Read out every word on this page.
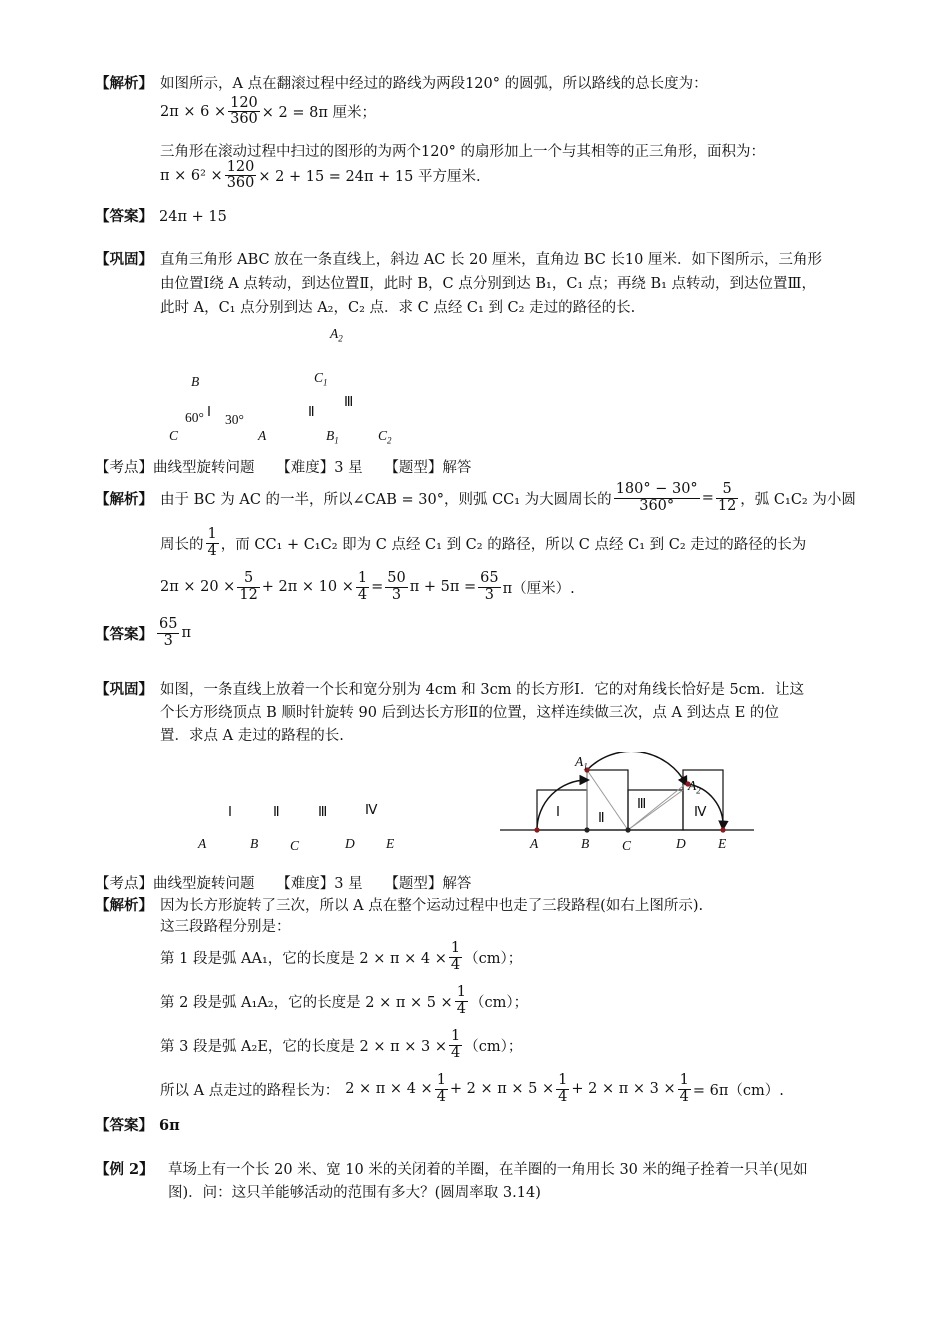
【解析】 如图所示，A 点在翻滚过程中经过的路线为两段120° 的圆弧，所以路线的总长度为：
$2\pi \times 6 \times \frac{120}{360} \times 2 = 8\pi$ 厘米；
三角形在滚动过程中扫过的图形的为两个120° 的扇形加上一个与其相等的正三角形，面积为：
$\pi \times 6^2 \times \frac{120}{360} \times 2 + 15 = 24\pi + 15$ 平方厘米.
【答案】 24π + 15
【巩固】 直角三角形 ABC 放在一条直线上，斜边 AC 长 20 厘米，直角边 BC 长10 厘米．如下图所示，三角形
由位置Ⅰ绕 A 点转动，到达位置Ⅱ，此时 B，C 点分别到达 B₁，C₁ 点；再绕 B₁ 点转动，到达位置Ⅲ，
此时 A，C₁ 点分别到达 A₂，C₂ 点．求 C 点经 C₁ 到 C₂ 走过的路径的长.
$A_2$
B	$C_1$
Ⅲ
Ⅱ
60° Ⅰ
30°
C	A	$B_1$	$C_2$
【考点】曲线型旋转问题　　【难度】3 星　　【题型】解答
【解析】 由于 BC 为 AC 的一半，所以∠CAB = 30°，则弧 CC₁ 为大圆周长的 $\frac{180^\circ - 30^\circ}{360^\circ} = \frac{5}{12}$ ，弧 C₁C₂ 为小圆
周长的 $\frac{1}{4}$ ，而 CC₁ + C₁C₂ 即为 C 点经 C₁ 到 C₂ 的路径，所以 C 点经 C₁ 到 C₂ 走过的路径的长为
$2\pi \times 20 \times \frac{5}{12} + 2\pi \times 10 \times \frac{1}{4} = \frac{50}{3}$ $\pi + 5\pi = \frac{65}{3} \pi$（厘米）.
【答案】 $\frac{65}{3}$ π
【巩固】 如图，一条直线上放着一个长和宽分别为 4cm 和 3cm 的长方形Ⅰ．它的对角线长恰好是 5cm．让这
个长方形绕顶点 B 顺时针旋转 90 后到达长方形Ⅱ的位置，这样连续做三次，点 A 到达点 E 的位
置．求点 A 走过的路程的长.
Ⅰ	Ⅱ	Ⅲ	Ⅳ
A	B C	D E
$A_1$
$A_2$
Ⅰ	Ⅱ
Ⅲ
Ⅳ
A	B C	D E
【考点】曲线型旋转问题　　【难度】3 星　　【题型】解答
【解析】 因为长方形旋转了三次，所以 A 点在整个运动过程中也走了三段路程(如右上图所示).
这三段路程分别是：
第 1 段是弧 AA₁，它的长度是 $2 \times \pi \times 4 \times \frac{1}{4} (cm)$；
第 2 段是弧 A₁A₂，它的长度是 $2 \times \pi \times 5 \times \frac{1}{4} (cm)$；
第 3 段是弧 A₂E，它的长度是 $2 \times \pi \times 3 \times \frac{1}{4} (cm)$；
所以 A 点走过的路程长为： $2 \times \pi \times 4 \times \frac{1}{4} + 2 \times \pi \times 5 \times \frac{1}{4} + 2 \times \pi \times 3 \times \frac{1}{4} = 6\pi(cm)$.
【答案】 6π
【例 2】 草场上有一个长 20 米、宽 10 米的关闭着的羊圈，在羊圈的一角用长 30 米的绳子拴着一只羊(见如
图)．问：这只羊能够活动的范围有多大？(圆周率取 3.14)
